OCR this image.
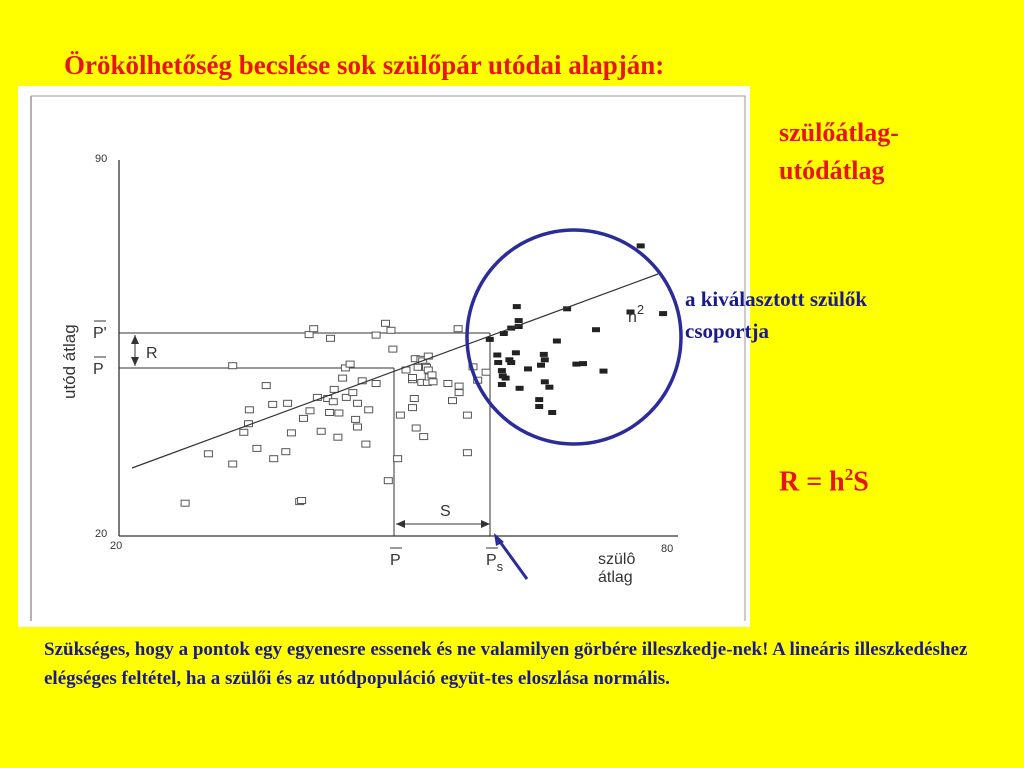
Örökölhetőség becslése sok szülőpár utódai alapján:
90
20
20	80
utód átlag
szülô
átlag
P'
P
R
S
P	$P_s$
$h^2$

szülőátlag-
utódátlag

a kiválasztott szülők
csoportja

$R = h^2S$

Szükséges, hogy a pontok egy egyenesre essenek és ne valamilyen görbére illeszkedje-nek! A lineáris illeszkedéshez elégséges feltétel, ha a szülői és az utódpopuláció együt-tes eloszlása normális.
